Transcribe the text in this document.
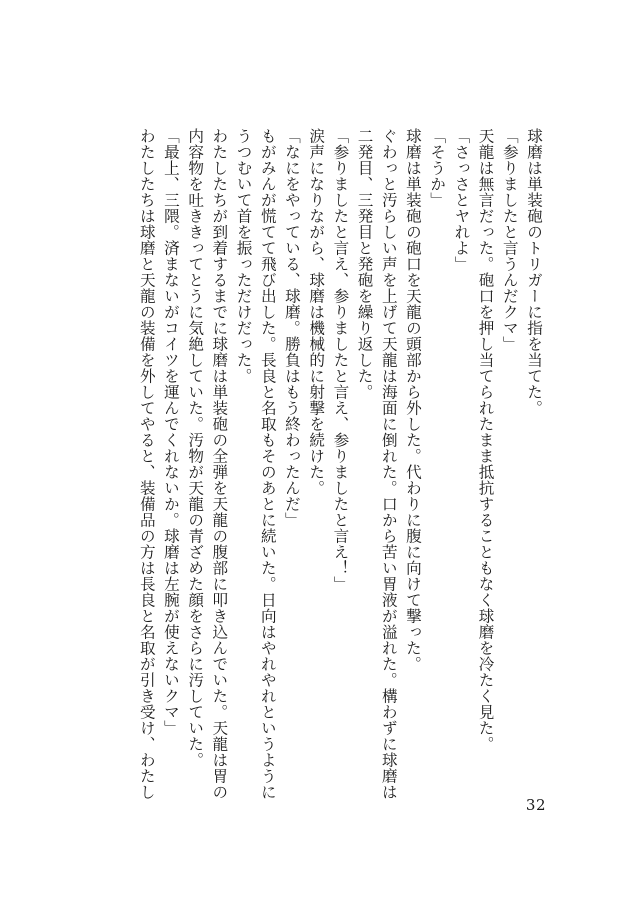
球磨は単装砲のトリガーに指を当てた。
「参りましたと言うんだクマ」
天龍は無言だった。砲口を押し当てられたまま抵抗することもなく球磨を冷たく見た。
「さっさとヤれよ」
「そうか」
球磨は単装砲の砲口を天龍の頭部から外した。代わりに腹に向けて撃った。
ぐわっと汚らしい声を上げて天龍は海面に倒れた。口から苦い胃液が溢れた。構わずに球磨は
二発目、三発目と発砲を繰り返した。
「参りましたと言え、参りましたと言え、参りましたと言え！」
涙声になりながら、球磨は機械的に射撃を続けた。
「なにをやっている、球磨。勝負はもう終わったんだ」
もがみんが慌てて飛び出した。長良と名取もそのあとに続いた。日向はやれやれというように
うつむいて首を振っただけだった。
わたしたちが到着するまでに球磨は単装砲の全弾を天龍の腹部に叩き込んでいた。天龍は胃の
内容物を吐ききってとうに気絶していた。汚物が天龍の青ざめた顔をさらに汚していた。
「最上、三隈。済まないがコイツを運んでくれないか。球磨は左腕が使えないクマ」
わたしたちは球磨と天龍の装備を外してやると、装備品の方は長良と名取が引き受け、わたし
32
